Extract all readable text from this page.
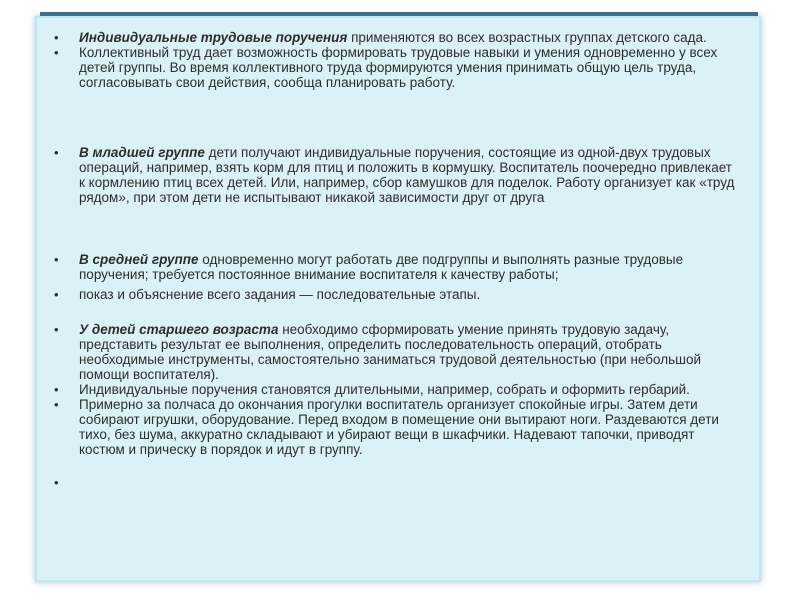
• Индивидуальные трудовые поручения применяются во всех возрастных группах детского сада.
• Коллективный труд дает возможность формировать трудовые навыки и умения одновременно у всех детей группы. Во время коллективного труда формируются умения принимать общую цель труда, согласовывать свои действия, сообща планировать работу.
• В младшей группе дети получают индивидуальные поручения, состоящие из одной-двух трудовых операций, например, взять корм для птиц и положить в кормушку. Воспитатель поочередно привлекает к кормлению птиц всех детей. Или, например, сбор камушков для поделок. Работу организует как «труд рядом», при этом дети не испытывают никакой зависимости друг от друга
• В средней группе одновременно могут работать две подгруппы и выполнять разные трудовые поручения; требуется постоянное внимание воспитателя к качеству работы;
• показ и объяснение всего задания — последовательные этапы.
• У детей старшего возраста необходимо сформировать умение принять трудовую задачу, представить результат ее выполнения, определить последовательность операций, отобрать необходимые инструменты, самостоятельно заниматься трудовой деятельностью (при небольшой помощи воспитателя).
• Индивидуальные поручения становятся длительными, например, собрать и оформить гербарий.
• Примерно за полчаса до окончания прогулки воспитатель организует спокойные игры. Затем дети собирают игрушки, оборудование. Перед входом в помещение они вытирают ноги. Раздеваются дети тихо, без шума, аккуратно складывают и убирают вещи в шкафчики. Надевают тапочки, приводят костюм и прическу в порядок и идут в группу.
•
